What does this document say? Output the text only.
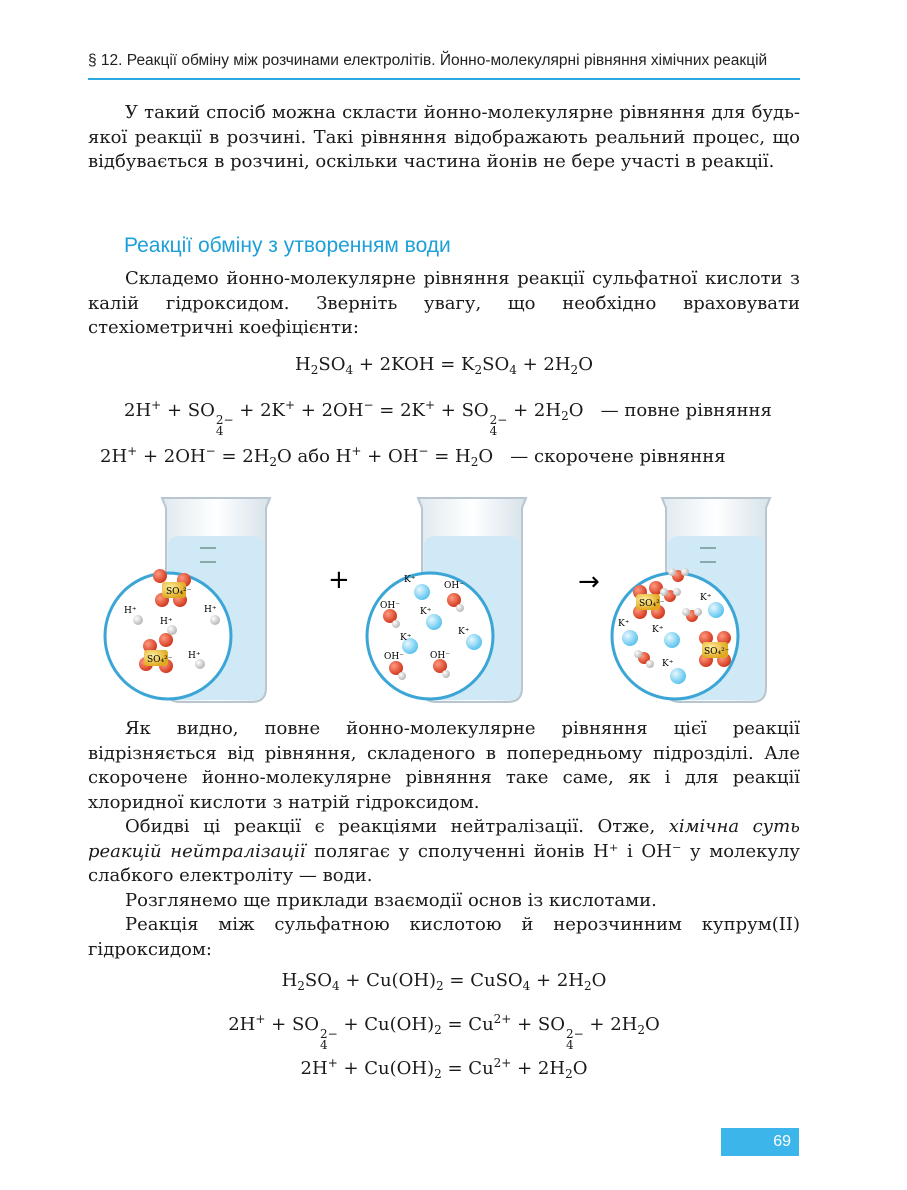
§ 12. Реакції обміну між розчинами електролітів. Йонно-молекулярні рівняння хімічних реакцій

У такий спосіб можна скласти йонно-молекулярне рівняння для будь-якої реакції в розчині. Такі рівняння відображають реальний процес, що відбувається в розчині, оскільки частина йонів не бере участі в реакції.

Реакції обміну з утворенням води

Складемо йонно-молекулярне рівняння реакції сульфатної кислоти з калій гідроксидом. Зверніть увагу, що необхідно враховувати стехіометричні коефіцієнти:

$H_2SO_4 + 2KOH = K_2SO_4 + 2H_2O$
2H+ + SO 2−
4
+ 2K+ + 2OH− = 2K+ + SO 2−
4
+ $2H_2O$   — повне рівняння
$2H^+ + 2OH^- = 2H_2O$ або $H^+ + OH^- = H_2O$   — скорочене рівняння
SO₄²⁻
SO₄²⁻
H⁺
H⁺
H⁺
H⁺
+	K⁺
OH⁻
OH⁻
K⁺
K⁺
K⁺
OH⁻	OH⁻
→
SO₄²⁻
K⁺
K⁺
K⁺
K⁺
SO₄²⁻

Як видно, повне йонно-молекулярне рівняння цієї реакції відрізняється від рівняння, складеного в попередньому підрозділі. Але скорочене йонно-молекулярне рівняння таке саме, як і для реакції хлоридної кислоти з натрій гідроксидом.

Обидві ці реакції є реакціями нейтралізації. Отже, хімічна суть реакцій нейтралізації полягає у сполученні йонів H⁺ і OH⁻ у молекулу слабкого електроліту — води.

Розглянемо ще приклади взаємодії основ із кислотами.

Реакція між сульфатною кислотою й нерозчинним купрум(II) гідроксидом:

$H_2SO_4 + Cu(OH)_2$ = CuSO$_4$ + $2H_2O$
2H+ + SO 2−
4
+ $Cu(OH)_2 = Cu^{2+}$ + SO 2−
4
+ $2H_2O$
$2H^+ + Cu(OH)_2 = Cu^{2+} + 2H_2O$
69
